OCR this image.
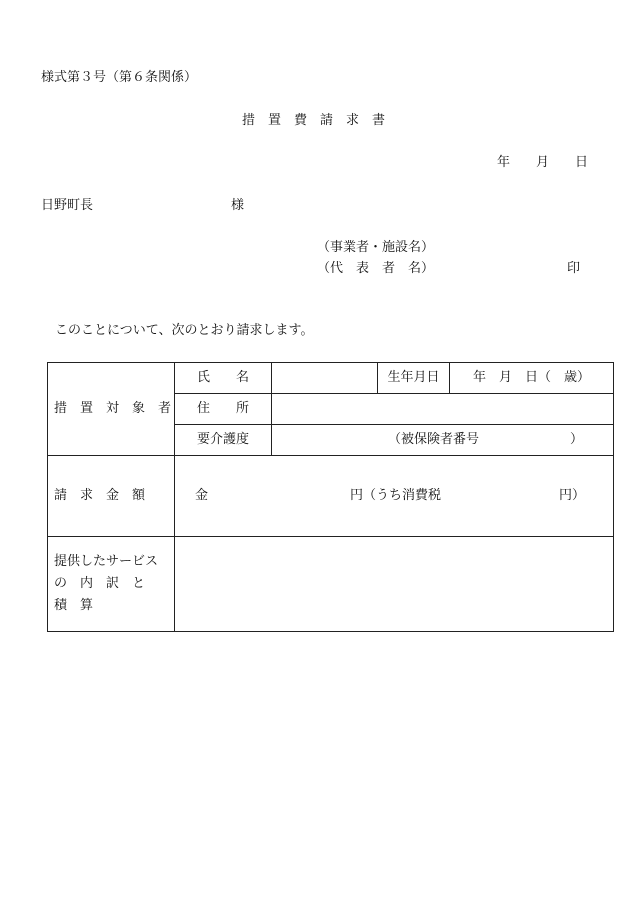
様式第３号（第６条関係）
措　置　費　請　求　書
年　　月　　日
日野町長	様
（事業者・施設名）
（代　表　者　名）	印
このことについて、次のとおり請求します。
措　置　対　象　者	氏　　名		生年月日	年　月　日（　歳）
	住　　所			
	要介護度	（被保険者番号　　　　　　　）		
請　求　金　額	金 円（うち消費税 円）			

提供したサービス
の　内　訳　と　積　算				
